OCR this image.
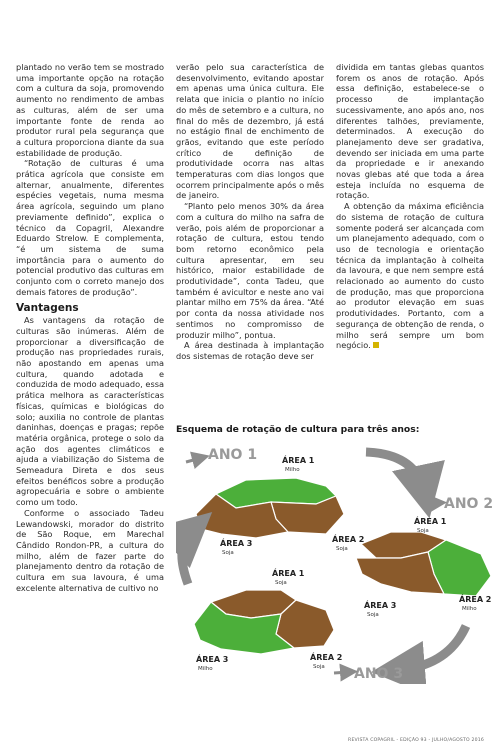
plantado no verão tem se mostrado uma importante opção na rotação com a cultura da soja, promovendo aumento no rendimento de ambas as culturas, além de ser uma importante fonte de renda ao produtor rural pela segurança que a cultura proporciona diante da sua estabilidade de produção.

“Rotação de culturas é uma prática agrícola que consiste em alternar, anualmente, diferentes espécies vegetais, numa mesma área agrícola, seguindo um plano previamente definido”, explica o técnico da Copagril, Alexandre Eduardo Strelow. E complementa, “é um sistema de suma importância para o aumento do potencial produtivo das culturas em conjunto com o correto manejo dos demais fatores de produção”.

Vantagens

As vantagens da rotação de culturas são inúmeras. Além de proporcionar a diversificação de produção nas propriedades rurais, não apostando em apenas uma cultura, quando adotada e conduzida de modo adequado, essa prática melhora as características físicas, químicas e biológicas do solo; auxilia no controle de plantas daninhas, doenças e pragas; repõe matéria orgânica, protege o solo da ação dos agentes climáticos e ajuda a viabilização do Sistema de Semeadura Direta e dos seus efeitos benéficos sobre a produção agropecuária e sobre o ambiente como um todo.

Conforme o associado Tadeu Lewandowski, morador do distrito de São Roque, em Marechal Cândido Rondon-PR, a cultura do milho, além de fazer parte do planejamento dentro da rotação de cultura em sua lavoura, é uma excelente alternativa de cultivo no

verão pelo sua característica de desenvolvimento, evitando apostar em apenas uma única cultura. Ele relata que inicia o plantio no início do mês de setembro e a cultura, no final do mês de dezembro, já está no estágio final de enchimento de grãos, evitando que este período crítico de definição de produtividade ocorra nas altas temperaturas com dias longos que ocorrem principalmente após o mês de janeiro.

“Planto pelo menos 30% da área com a cultura do milho na safra de verão, pois além de proporcionar a rotação de cultura, estou tendo bom retorno econômico pela cultura apresentar, em seu histórico, maior estabilidade de produtividade”, conta Tadeu, que também é avicultor e neste ano vai plantar milho em 75% da área. “Até por conta da nossa atividade nos sentimos no compromisso de produzir milho”, pontua.

A área destinada à implantação dos sistemas de rotação deve ser

dividida em tantas glebas quantos forem os anos de rotação. Após essa definição, estabelece-se o processo de implantação sucessivamente, ano após ano, nos diferentes talhões, previamente, determinados. A execução do planejamento deve ser gradativa, devendo ser iniciada em uma parte da propriedade e ir anexando novas glebas até que toda a área esteja incluída no esquema de rotação.

A obtenção da máxima eficiência do sistema de rotação de cultura somente poderá ser alcançada com um planejamento adequado, com o uso de tecnologia e orientação técnica da implantação à colheita da lavoura, e que nem sempre está relacionado ao aumento do custo de produção, mas que proporciona ao produtor elevação em suas produtividades. Portanto, com a segurança de obtenção de renda, o milho será sempre um bom negócio.

Esquema de rotação de cultura para três anos:
ANO 1	ÁREA 1
Milho
ÁREA 2
Soja
ÁREA 3
Soja
ANO 2
ÁREA 1
Soja
ÁREA 2
Milho
ÁREA 3
Soja
ÁREA 1
Soja
ÁREA 2
Soja
ÁREA 3
Milho	ANO 3
REVISTA COPAGRIL - EDIÇÃO 93 - JULHO/AGOSTO 2016
